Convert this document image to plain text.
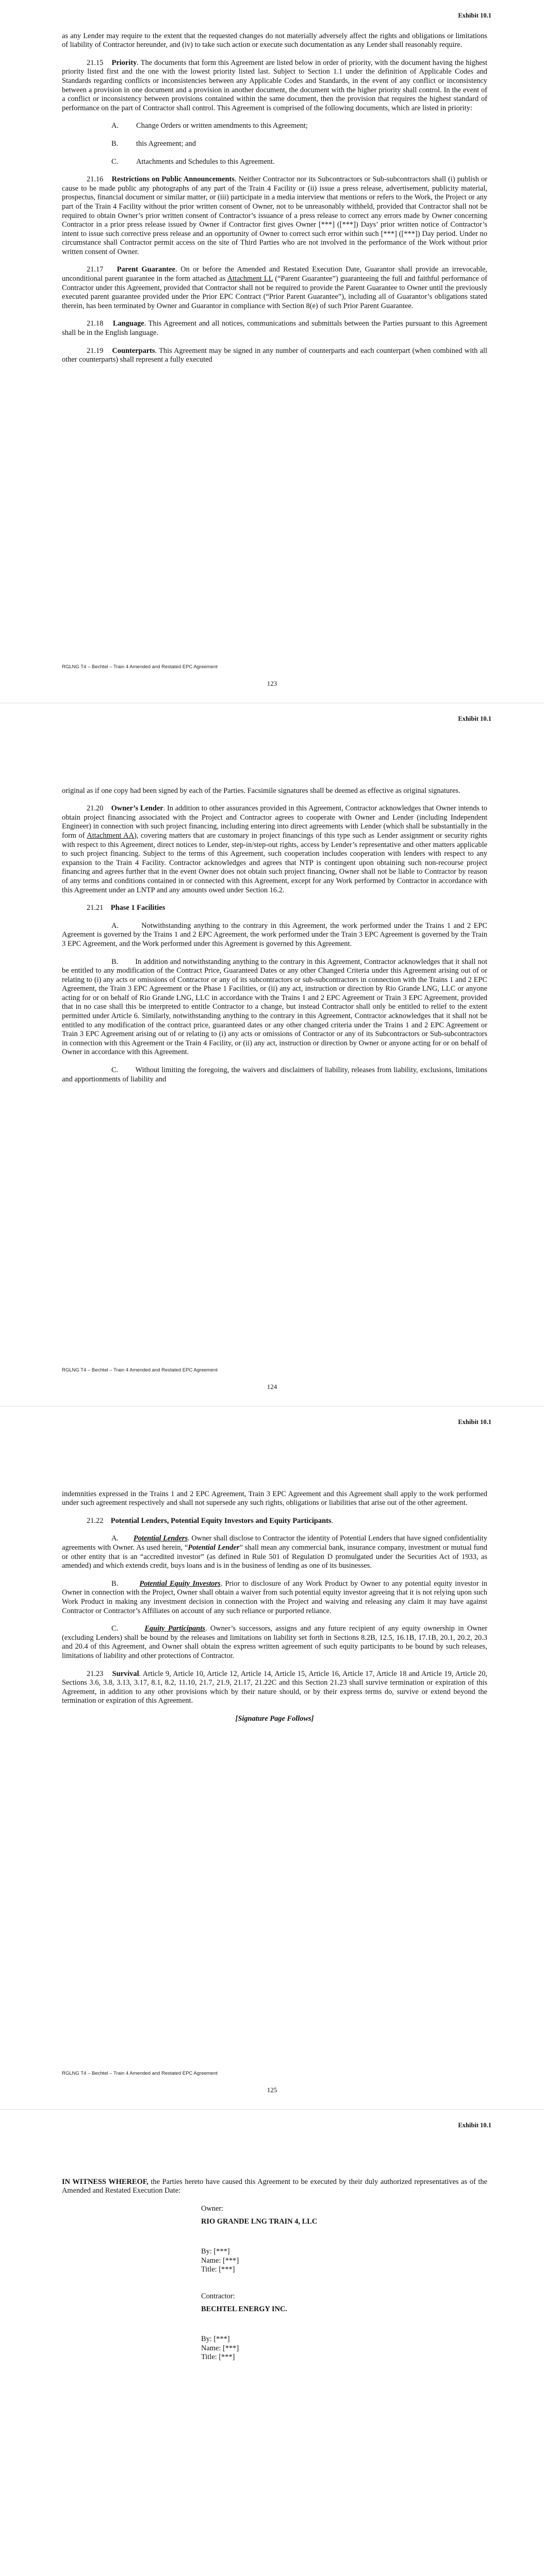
Exhibit 10.1

as any Lender may require to the extent that the requested changes do not materially adversely affect the rights and obligations or limitations of liability of Contractor hereunder, and (iv) to take such action or execute such documentation as any Lender shall reasonably require.

21.15 Priority. The documents that form this Agreement are listed below in order of priority, with the document having the highest priority listed first and the one with the lowest priority listed last. Subject to Section 1.1 under the definition of Applicable Codes and Standards regarding conflicts or inconsistencies between any Applicable Codes and Standards, in the event of any conflict or inconsistency between a provision in one document and a provision in another document, the document with the higher priority shall control. In the event of a conflict or inconsistency between provisions contained within the same document, then the provision that requires the highest standard of performance on the part of Contractor shall control. This Agreement is comprised of the following documents, which are listed in priority:

A. Change Orders or written amendments to this Agreement;
B. this Agreement; and
C. Attachments and Schedules to this Agreement.

21.16 Restrictions on Public Announcements. Neither Contractor nor its Subcontractors or Sub-subcontractors shall (i) publish or cause to be made public any photographs of any part of the Train 4 Facility or (ii) issue a press release, advertisement, publicity material, prospectus, financial document or similar matter, or (iii) participate in a media interview that mentions or refers to the Work, the Project or any part of the Train 4 Facility without the prior written consent of Owner, not to be unreasonably withheld, provided that Contractor shall not be required to obtain Owner’s prior written consent of Contractor’s issuance of a press release to correct any errors made by Owner concerning Contractor in a prior press release issued by Owner if Contractor first gives Owner [***] ([***]) Days’ prior written notice of Contractor’s intent to issue such corrective press release and an opportunity of Owner to correct such error within such [***] ([***]) Day period. Under no circumstance shall Contractor permit access on the site of Third Parties who are not involved in the performance of the Work without prior written consent of Owner.

21.17 Parent Guarantee. On or before the Amended and Restated Execution Date, Guarantor shall provide an irrevocable, unconditional parent guarantee in the form attached as Attachment LL (“Parent Guarantee”) guaranteeing the full and faithful performance of Contractor under this Agreement, provided that Contractor shall not be required to provide the Parent Guarantee to Owner until the previously executed parent guarantee provided under the Prior EPC Contract (“Prior Parent Guarantee”), including all of Guarantor’s obligations stated therein, has been terminated by Owner and Guarantor in compliance with Section 8(e) of such Prior Parent Guarantee.

21.18 Language. This Agreement and all notices, communications and submittals between the Parties pursuant to this Agreement shall be in the English language.

21.19 Counterparts. This Agreement may be signed in any number of counterparts and each counterpart (when combined with all other counterparts) shall represent a fully executed

RGLNG T4 – Bechtel – Train 4 Amended and Restated EPC Agreement
123
Exhibit 10.1

original as if one copy had been signed by each of the Parties. Facsimile signatures shall be deemed as effective as original signatures.

21.20 Owner’s Lender. In addition to other assurances provided in this Agreement, Contractor acknowledges that Owner intends to obtain project financing associated with the Project and Contractor agrees to cooperate with Owner and Lender (including Independent Engineer) in connection with such project financing, including entering into direct agreements with Lender (which shall be substantially in the form of Attachment AA), covering matters that are customary in project financings of this type such as Lender assignment or security rights with respect to this Agreement, direct notices to Lender, step-in/step-out rights, access by Lender’s representative and other matters applicable to such project financing. Subject to the terms of this Agreement, such cooperation includes cooperation with lenders with respect to any expansion to the Train 4 Facility. Contractor acknowledges and agrees that NTP is contingent upon obtaining such non-recourse project financing and agrees further that in the event Owner does not obtain such project financing, Owner shall not be liable to Contractor by reason of any terms and conditions contained in or connected with this Agreement, except for any Work performed by Contractor in accordance with this Agreement under an LNTP and any amounts owed under Section 16.2.

21.21 Phase 1 Facilities

A.	Notwithstanding anything to the contrary in this Agreement, the work performed under the Trains 1 and 2 EPC Agreement is governed by the Trains 1 and 2 EPC Agreement, the work performed under the Train 3 EPC Agreement is governed by the Train 3 EPC Agreement, and the Work performed under this Agreement is governed by this Agreement.

B. In addition and notwithstanding anything to the contrary in this Agreement, Contractor acknowledges that it shall not be entitled to any modification of the Contract Price, Guaranteed Dates or any other Changed Criteria under this Agreement arising out of or relating to (i) any acts or omissions of Contractor or any of its subcontractors or sub-subcontractors in connection with the Trains 1 and 2 EPC Agreement, the Train 3 EPC Agreement or the Phase 1 Facilities, or (ii) any act, instruction or direction by Rio Grande LNG, LLC or anyone acting for or on behalf of Rio Grande LNG, LLC in accordance with the Trains 1 and 2 EPC Agreement or Train 3 EPC Agreement, provided that in no case shall this be interpreted to entitle Contractor to a change, but instead Contractor shall only be entitled to relief to the extent permitted under Article 6. Similarly, notwithstanding anything to the contrary in this Agreement, Contractor acknowledges that it shall not be entitled to any modification of the contract price, guaranteed dates or any other changed criteria under the Trains 1 and 2 EPC Agreement or Train 3 EPC Agreement arising out of or relating to (i) any acts or omissions of Contractor or any of its Subcontractors or Sub-subcontractors in connection with this Agreement or the Train 4 Facility, or (ii) any act, instruction or direction by Owner or anyone acting for or on behalf of Owner in accordance with this Agreement.

C. Without limiting the foregoing, the waivers and disclaimers of liability, releases from liability, exclusions, limitations and apportionments of liability and

RGLNG T4 – Bechtel – Train 4 Amended and Restated EPC Agreement
124
Exhibit 10.1

indemnities expressed in the Trains 1 and 2 EPC Agreement, Train 3 EPC Agreement and this Agreement shall apply to the work performed under such agreement respectively and shall not supersede any such rights, obligations or liabilities that arise out of the other agreement.

21.22 Potential Lenders, Potential Equity Investors and Equity Participants.

A. Potential Lenders. Owner shall disclose to Contractor the identity of Potential Lenders that have signed confidentiality agreements with Owner. As used herein, “Potential Lender” shall mean any commercial bank, insurance company, investment or mutual fund or other entity that is an “accredited investor” (as defined in Rule 501 of Regulation D promulgated under the Securities Act of 1933, as amended) and which extends credit, buys loans and is in the business of lending as one of its businesses.

B.	Potential Equity Investors. Prior to disclosure of any Work Product by Owner to any potential equity investor in Owner in connection with the Project, Owner shall obtain a waiver from such potential equity investor agreeing that it is not relying upon such Work Product in making any investment decision in connection with the Project and waiving and releasing any claim it may have against Contractor or Contractor’s Affiliates on account of any such reliance or purported reliance.

C.	Equity Participants. Owner’s successors, assigns and any future recipient of any equity ownership in Owner (excluding Lenders) shall be bound by the releases and limitations on liability set forth in Sections 8.2B, 12.5, 16.1B, 17.1B, 20.1, 20.2, 20.3 and 20.4 of this Agreement, and Owner shall obtain the express written agreement of such equity participants to be bound by such releases, limitations of liability and other protections of Contractor.

21.23 Survival. Article 9, Article 10, Article 12, Article 14, Article 15, Article 16, Article 17, Article 18 and Article 19, Article 20, Sections 3.6, 3.8, 3.13, 3.17, 8.1, 8.2, 11.10, 21.7, 21.9, 21.17, 21.22C and this Section 21.23 shall survive termination or expiration of this Agreement, in addition to any other provisions which by their nature should, or by their express terms do, survive or extend beyond the termination or expiration of this Agreement.

[Signature Page Follows]

RGLNG T4 – Bechtel – Train 4 Amended and Restated EPC Agreement
125
Exhibit 10.1

IN WITNESS WHEREOF, the Parties hereto have caused this Agreement to be executed by their duly authorized representatives as of the Amended and Restated Execution Date:

Owner:

RIO GRANDE LNG TRAIN 4, LLC

By: [***]

Name: [***]

Title: [***]

Contractor:

BECHTEL ENERGY INC.

By: [***]

Name: [***]

Title: [***]
